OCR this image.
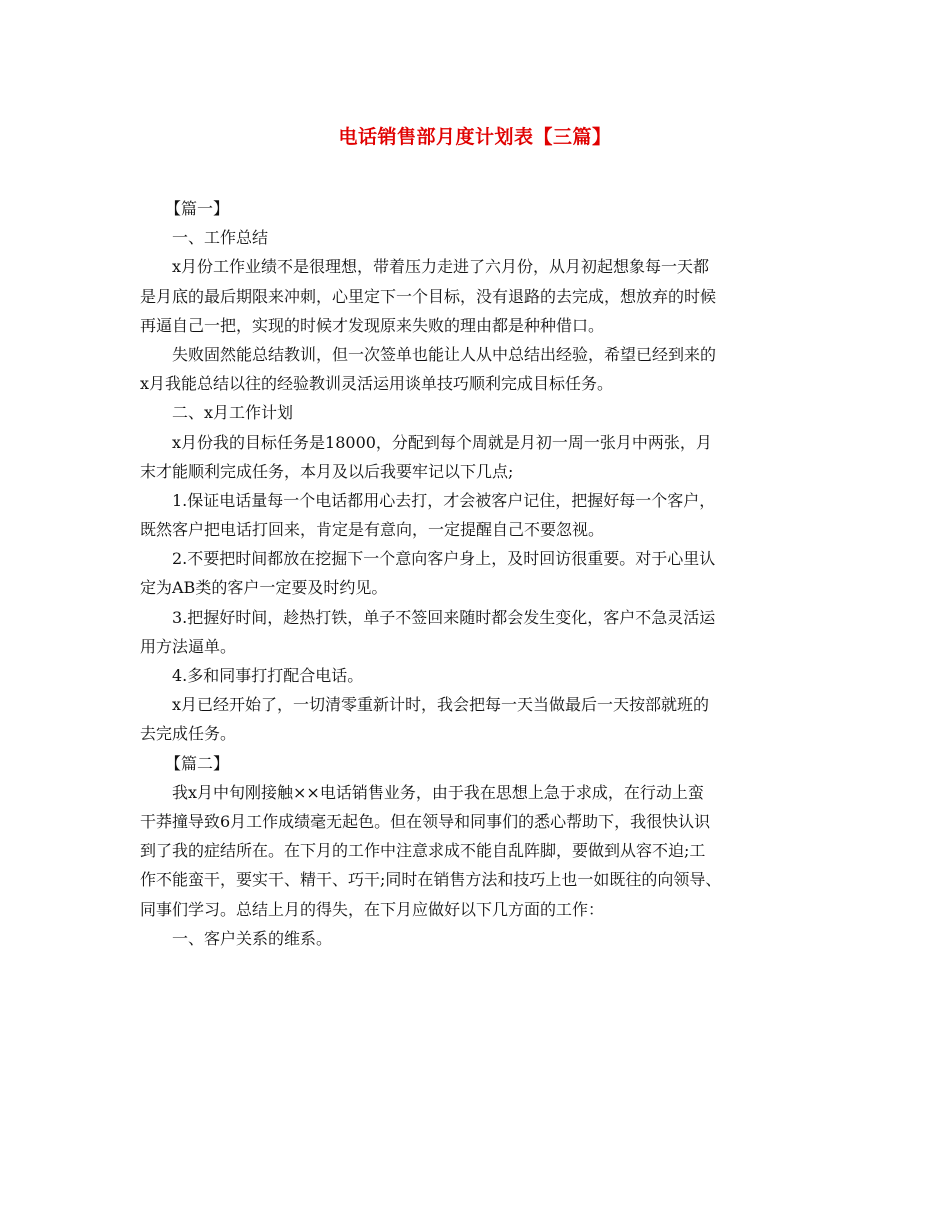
电话销售部月度计划表【三篇】
【篇一】
一、工作总结
x月份工作业绩不是很理想，带着压力走进了六月份，从月初起想象每一天都
是月底的最后期限来冲刺，心里定下一个目标，没有退路的去完成，想放弃的时候
再逼自己一把，实现的时候才发现原来失败的理由都是种种借口。
失败固然能总结教训，但一次签单也能让人从中总结出经验，希望已经到来的
x月我能总结以往的经验教训灵活运用谈单技巧顺利完成目标任务。
二、x月工作计划
x月份我的目标任务是18000，分配到每个周就是月初一周一张月中两张，月
末才能顺利完成任务，本月及以后我要牢记以下几点;
1.保证电话量每一个电话都用心去打，才会被客户记住，把握好每一个客户，
既然客户把电话打回来，肯定是有意向，一定提醒自己不要忽视。
2.不要把时间都放在挖掘下一个意向客户身上，及时回访很重要。对于心里认
定为AB类的客户一定要及时约见。
3.把握好时间，趁热打铁，单子不签回来随时都会发生变化，客户不急灵活运
用方法逼单。
4.多和同事打打配合电话。
x月已经开始了，一切清零重新计时，我会把每一天当做最后一天按部就班的
去完成任务。
【篇二】
我x月中旬刚接触××电话销售业务，由于我在思想上急于求成，在行动上蛮
干莽撞导致6月工作成绩毫无起色。但在领导和同事们的悉心帮助下，我很快认识
到了我的症结所在。在下月的工作中注意求成不能自乱阵脚，要做到从容不迫;工
作不能蛮干，要实干、精干、巧干;同时在销售方法和技巧上也一如既往的向领导、
同事们学习。总结上月的得失，在下月应做好以下几方面的工作：
一、客户关系的维系。
